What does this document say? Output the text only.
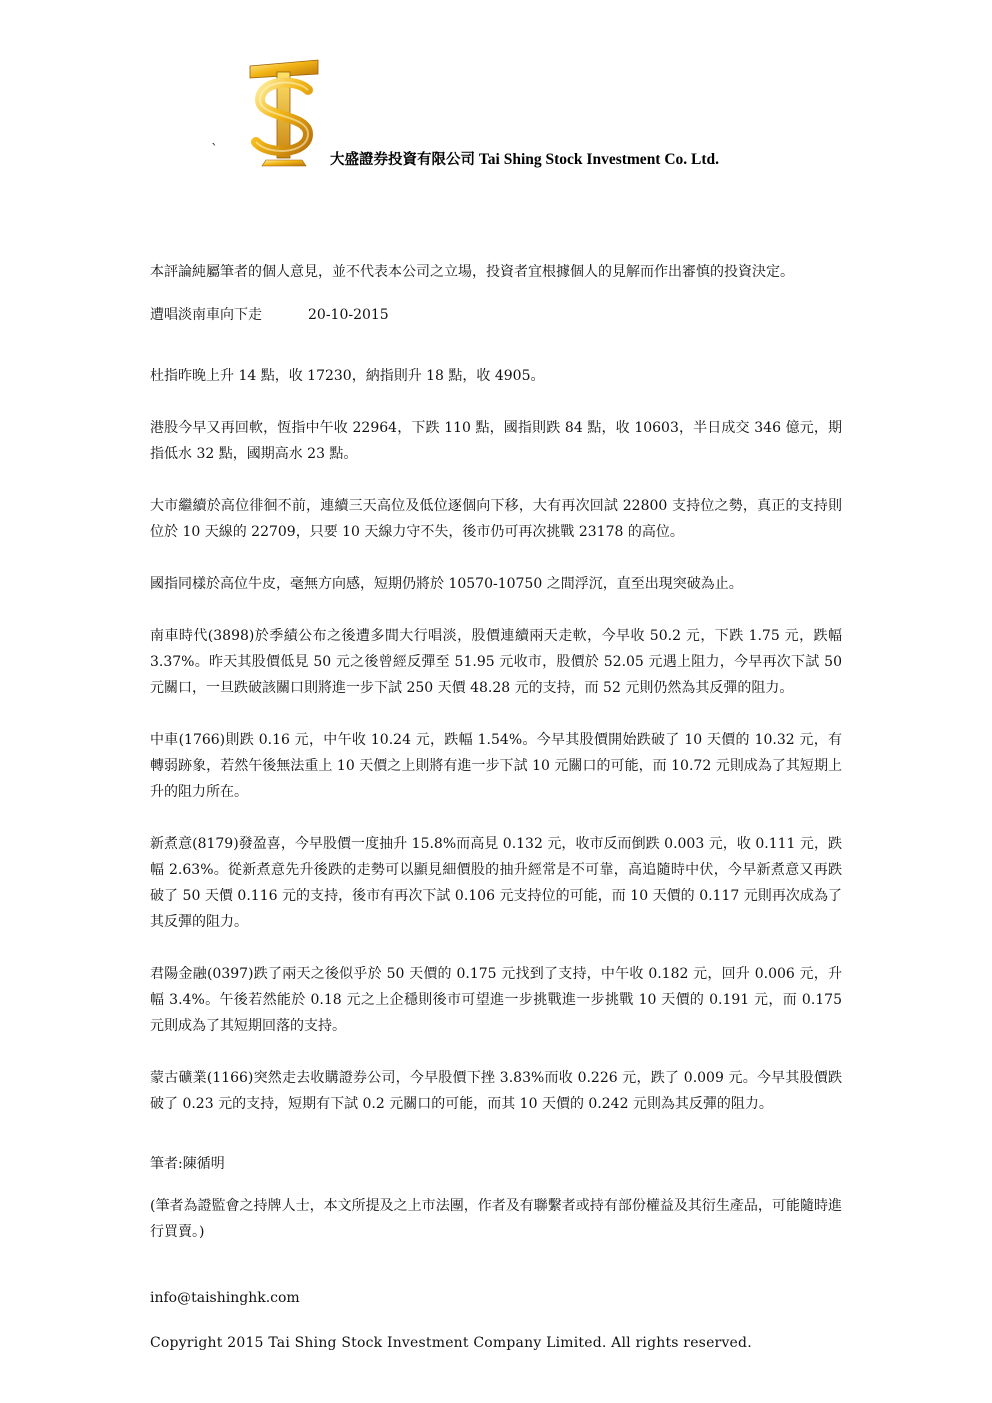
`
大盛證券投資有限公司 Tai Shing Stock Investment Co. Ltd.

本評論純屬筆者的個人意見，並不代表本公司之立場，投資者宜根據個人的見解而作出審慎的投資決定。

遭唱淡南車向下走	20-10-2015

杜指昨晚上升 14 點，收 17230，納指則升 18 點，收 4905。

港股今早又再回軟，恆指中午收 22964，下跌 110 點，國指則跌 84 點，收 10603，半日成交 346 億元，期指低水 32 點，國期高水 23 點。

大市繼續於高位徘徊不前，連續三天高位及低位逐個向下移，大有再次回試 22800 支持位之勢，真正的支持則位於 10 天線的 22709，只要 10 天線力守不失，後市仍可再次挑戰 23178 的高位。

國指同樣於高位牛皮，毫無方向感，短期仍將於 10570-10750 之間浮沉，直至出現突破為止。

南車時代(3898)於季績公布之後遭多間大行唱淡，股價連續兩天走軟，今早收 50.2 元，下跌 1.75 元，跌幅 3.37%。昨天其股價低見 50 元之後曾經反彈至 51.95 元收市，股價於 52.05 元遇上阻力，今早再次下試 50 元關口，一旦跌破該關口則將進一步下試 250 天價 48.28 元的支持，而 52 元則仍然為其反彈的阻力。

中車(1766)則跌 0.16 元，中午收 10.24 元，跌幅 1.54%。今早其股價開始跌破了 10 天價的 10.32 元，有轉弱跡象，若然午後無法重上 10 天價之上則將有進一步下試 10 元關口的可能，而 10.72 元則成為了其短期上升的阻力所在。

新煮意(8179)發盈喜，今早股價一度抽升 15.8%而高見 0.132 元，收市反而倒跌 0.003 元，收 0.111 元，跌幅 2.63%。從新煮意先升後跌的走勢可以顯見細價股的抽升經常是不可靠，高追隨時中伏，今早新煮意又再跌破了 50 天價 0.116 元的支持，後市有再次下試 0.106 元支持位的可能，而 10 天價的 0.117 元則再次成為了其反彈的阻力。

君陽金融(0397)跌了兩天之後似乎於 50 天價的 0.175 元找到了支持，中午收 0.182 元，回升 0.006 元，升幅 3.4%。午後若然能於 0.18 元之上企穩則後市可望進一步挑戰進一步挑戰 10 天價的 0.191 元，而 0.175 元則成為了其短期回落的支持。

蒙古礦業(1166)突然走去收購證券公司，今早股價下挫 3.83%而收 0.226 元，跌了 0.009 元。今早其股價跌破了 0.23 元的支持，短期有下試 0.2 元關口的可能，而其 10 天價的 0.242 元則為其反彈的阻力。

筆者:陳循明

(筆者為證監會之持牌人士，本文所提及之上市法團，作者及有聯繫者或持有部份權益及其衍生產品，可能隨時進行買賣。)

info@taishinghk.com

Copyright 2015 Tai Shing Stock Investment Company Limited. All rights reserved.
